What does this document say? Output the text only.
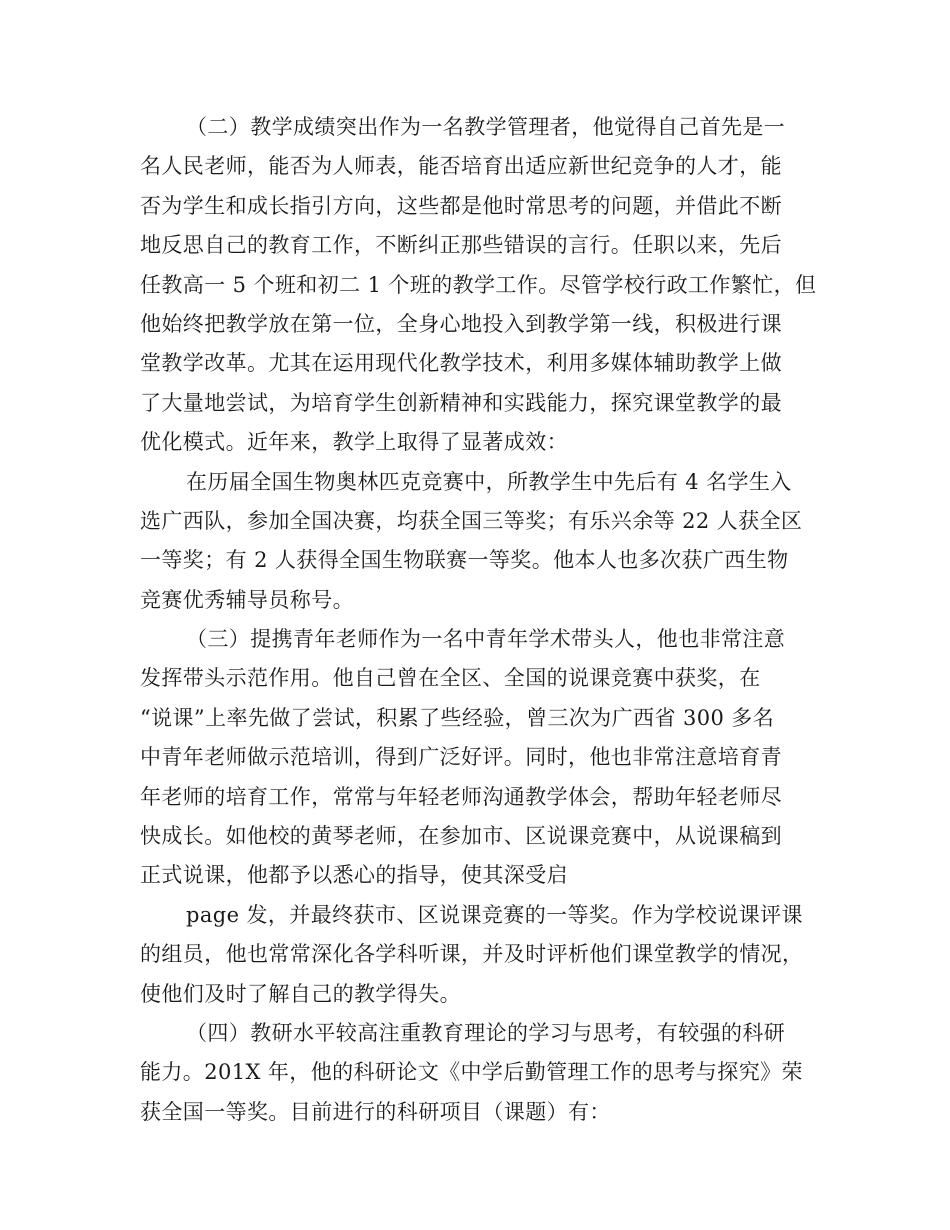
（二）教学成绩突出作为一名教学管理者，他觉得自己首先是一
名人民老师，能否为人师表，能否培育出适应新世纪竞争的人才，能
否为学生和成长指引方向，这些都是他时常思考的问题，并借此不断
地反思自己的教育工作，不断纠正那些错误的言行。任职以来，先后
任教高一 5 个班和初二 1 个班的教学工作。尽管学校行政工作繁忙，但
他始终把教学放在第一位，全身心地投入到教学第一线，积极进行课
堂教学改革。尤其在运用现代化教学技术，利用多媒体辅助教学上做
了大量地尝试，为培育学生创新精神和实践能力，探究课堂教学的最
优化模式。近年来，教学上取得了显著成效：
在历届全国生物奥林匹克竞赛中，所教学生中先后有 4 名学生入
选广西队，参加全国决赛，均获全国三等奖；有乐兴余等 22 人获全区
一等奖；有 2 人获得全国生物联赛一等奖。他本人也多次获广西生物
竞赛优秀辅导员称号。
（三）提携青年老师作为一名中青年学术带头人，他也非常注意
发挥带头示范作用。他自己曾在全区、全国的说课竞赛中获奖，在
“说课”上率先做了尝试，积累了些经验，曾三次为广西省 300 多名
中青年老师做示范培训，得到广泛好评。同时，他也非常注意培育青
年老师的培育工作，常常与年轻老师沟通教学体会，帮助年轻老师尽
快成长。如他校的黄琴老师，在参加市、区说课竞赛中，从说课稿到
正式说课，他都予以悉心的指导，使其深受启
page 发，并最终获市、区说课竞赛的一等奖。作为学校说课评课
的组员，他也常常深化各学科听课，并及时评析他们课堂教学的情况，
使他们及时了解自己的教学得失。
（四）教研水平较高注重教育理论的学习与思考，有较强的科研
能力。201X 年，他的科研论文《中学后勤管理工作的思考与探究》荣
获全国一等奖。目前进行的科研项目（课题）有：
